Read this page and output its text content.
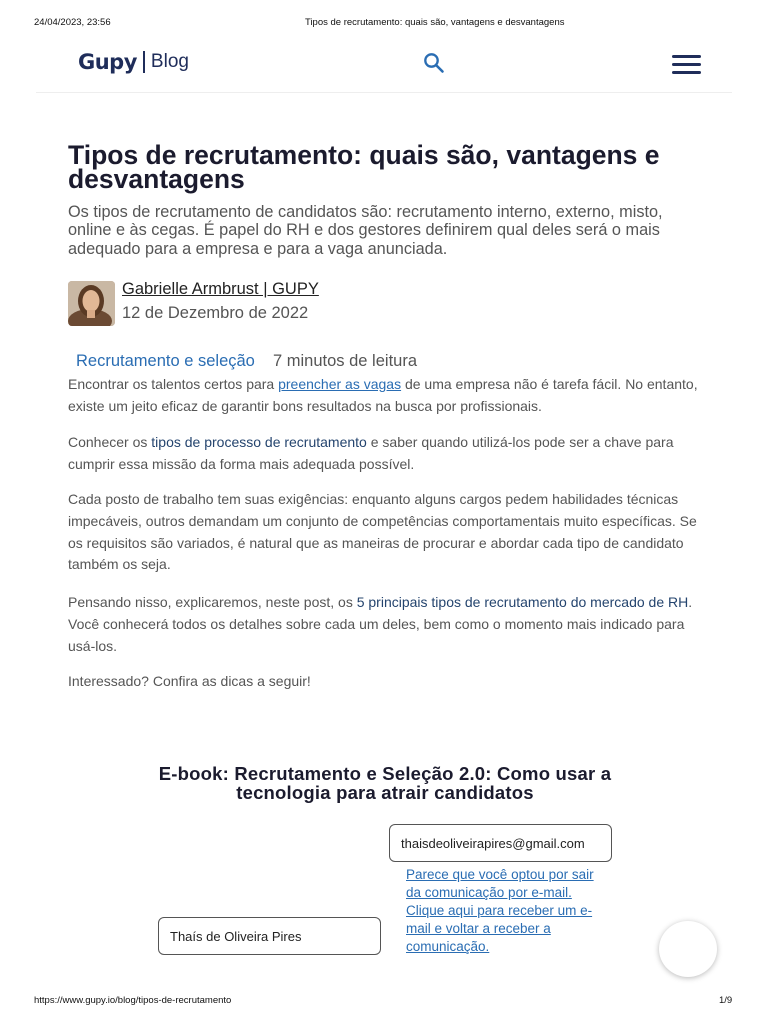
24/04/2023, 23:56	Tipos de recrutamento: quais são, vantagens e desvantagens
Gupy Blog
Tipos de recrutamento: quais são, vantagens e desvantagens

Os tipos de recrutamento de candidatos são: recrutamento interno, externo, misto, online e às cegas. É papel do RH e dos gestores definirem qual deles será o mais adequado para a empresa e para a vaga anunciada.

Gabrielle Armbrust | GUPY
12 de Dezembro de 2022
Recrutamento e seleção 7 minutos de leitura

Encontrar os talentos certos para preencher as vagas de uma empresa não é tarefa fácil. No entanto, existe um jeito eficaz de garantir bons resultados na busca por profissionais.

Conhecer os tipos de processo de recrutamento e saber quando utilizá-los pode ser a chave para cumprir essa missão da forma mais adequada possível.

Cada posto de trabalho tem suas exigências: enquanto alguns cargos pedem habilidades técnicas impecáveis, outros demandam um conjunto de competências comportamentais muito específicas. Se os requisitos são variados, é natural que as maneiras de procurar e abordar cada tipo de candidato também os seja.

Pensando nisso, explicaremos, neste post, os 5 principais tipos de recrutamento do mercado de RH. Você conhecerá todos os detalhes sobre cada um deles, bem como o momento mais indicado para usá-los.

Interessado? Confira as dicas a seguir!

E-book: Recrutamento e Seleção 2.0: Como usar a tecnologia para atrair candidatos
thaisdeoliveirapires@gmail.com
Parece que você optou por sair da comunicação por e-mail. Clique aqui para receber um e-mail e voltar a receber a comunicação.
Thaís de Oliveira Pires
https://www.gupy.io/blog/tipos-de-recrutamento	1/9
